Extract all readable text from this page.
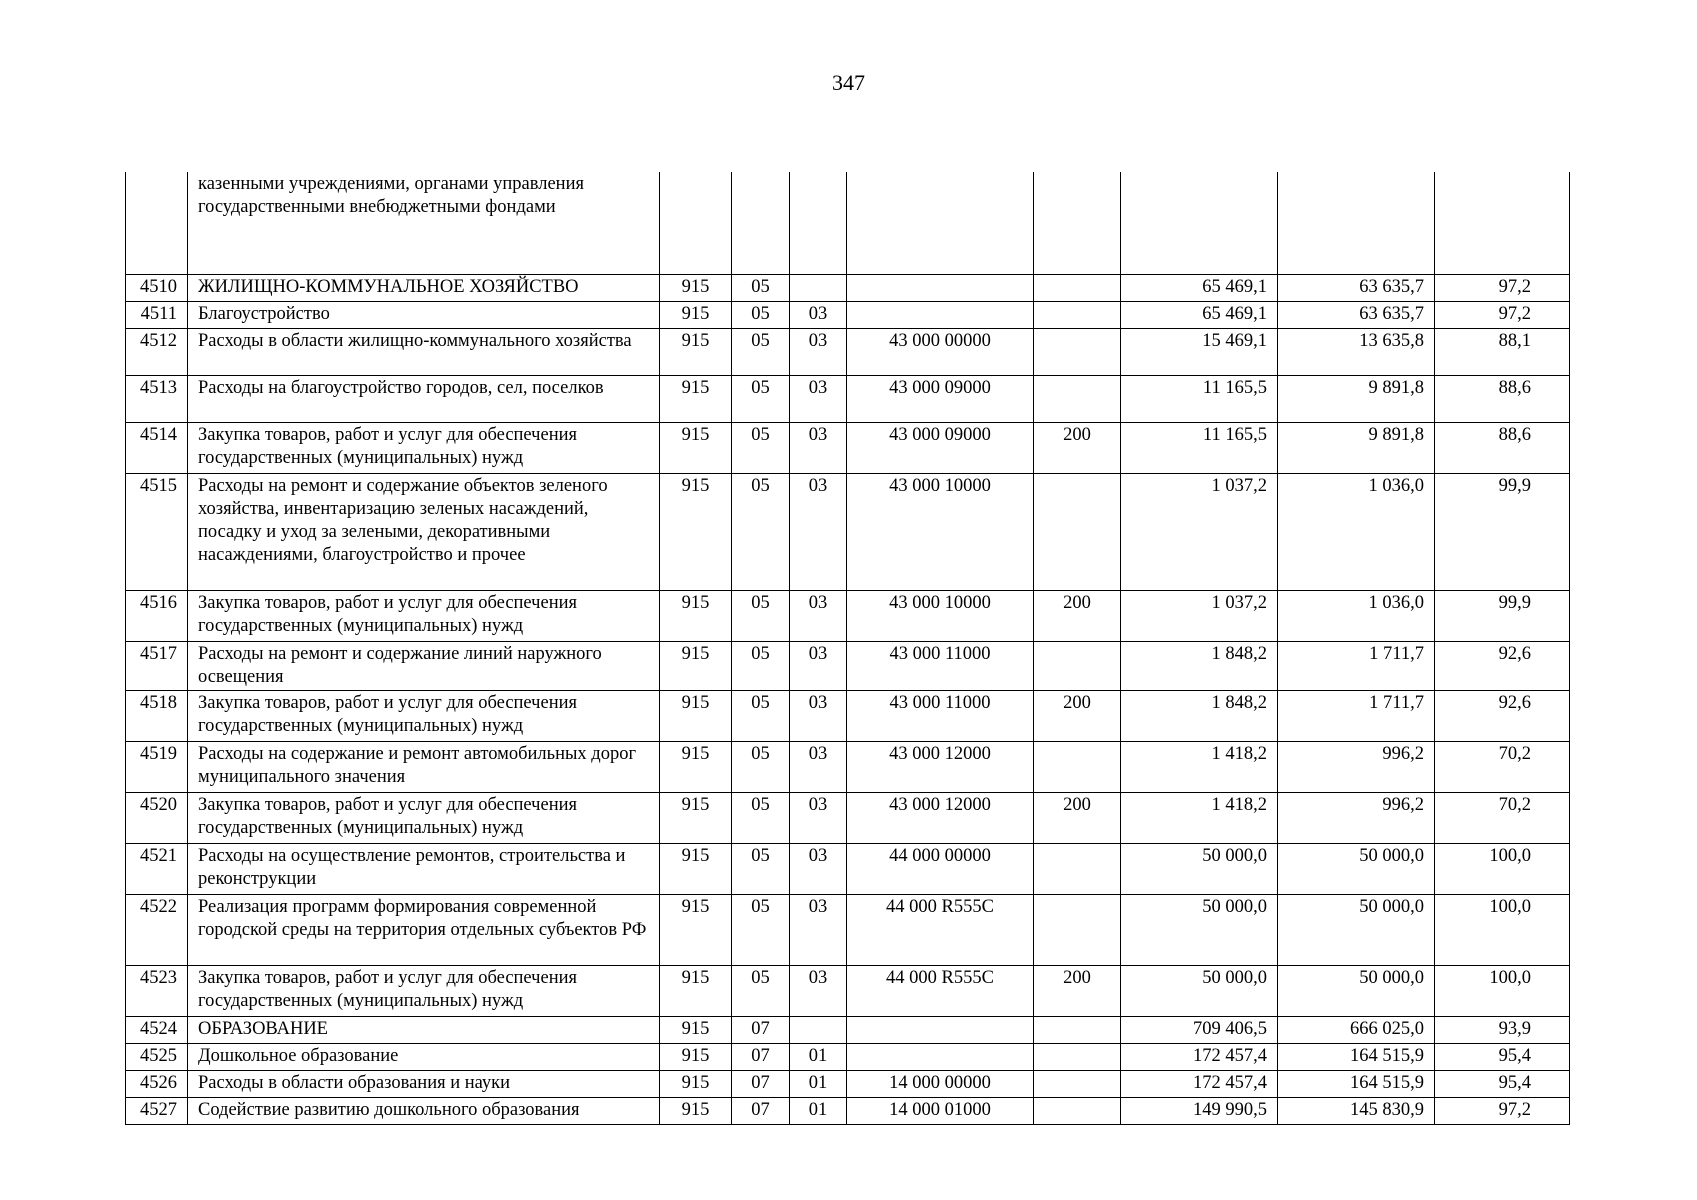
347
	казенными учреждениями, органами управления государственными внебюджетными фондами								
4510	ЖИЛИЩНО-КОММУНАЛЬНОЕ ХОЗЯЙСТВО	915	05				65 469,1	63 635,7	97,2
4511	Благоустройство	915	05	03			65 469,1	63 635,7	97,2
4512	Расходы в области жилищно-коммунального хозяйства	915	05	03	43 000 00000		15 469,1	13 635,8	88,1
4513	Расходы на благоустройство городов, сел, поселков	915	05	03	43 000 09000		11 165,5	9 891,8	88,6
4514	Закупка товаров, работ и услуг для обеспечения государственных (муниципальных) нужд	915	05	03	43 000 09000	200	11 165,5	9 891,8	88,6
4515	Расходы на ремонт и содержание объектов зеленого хозяйства, инвентаризацию зеленых насаждений, посадку и уход за зелеными, декоративными насаждениями, благоустройство и прочее	915	05	03	43 000 10000		1 037,2	1 036,0	99,9
4516	Закупка товаров, работ и услуг для обеспечения государственных (муниципальных) нужд	915	05	03	43 000 10000	200	1 037,2	1 036,0	99,9
4517	Расходы на ремонт и содержание линий наружного освещения	915	05	03	43 000 11000		1 848,2	1 711,7	92,6
4518	Закупка товаров, работ и услуг для обеспечения государственных (муниципальных) нужд	915	05	03	43 000 11000	200	1 848,2	1 711,7	92,6
4519	Расходы на содержание и ремонт автомобильных дорог муниципального значения	915	05	03	43 000 12000		1 418,2	996,2	70,2
4520	Закупка товаров, работ и услуг для обеспечения государственных (муниципальных) нужд	915	05	03	43 000 12000	200	1 418,2	996,2	70,2
4521	Расходы на осуществление ремонтов, строительства и реконструкции	915	05	03	44 000 00000		50 000,0	50 000,0	100,0
4522	Реализация программ формирования современной городской среды на территория отдельных субъектов РФ	915	05	03	44 000 R555C		50 000,0	50 000,0	100,0
4523	Закупка товаров, работ и услуг для обеспечения государственных (муниципальных) нужд	915	05	03	44 000 R555C	200	50 000,0	50 000,0	100,0
4524	ОБРАЗОВАНИЕ	915	07				709 406,5	666 025,0	93,9
4525	Дошкольное образование	915	07	01			172 457,4	164 515,9	95,4
4526	Расходы в области образования и науки	915	07	01	14 000 00000		172 457,4	164 515,9	95,4
4527	Содействие развитию дошкольного образования	915	07	01	14 000 01000		149 990,5	145 830,9	97,2
